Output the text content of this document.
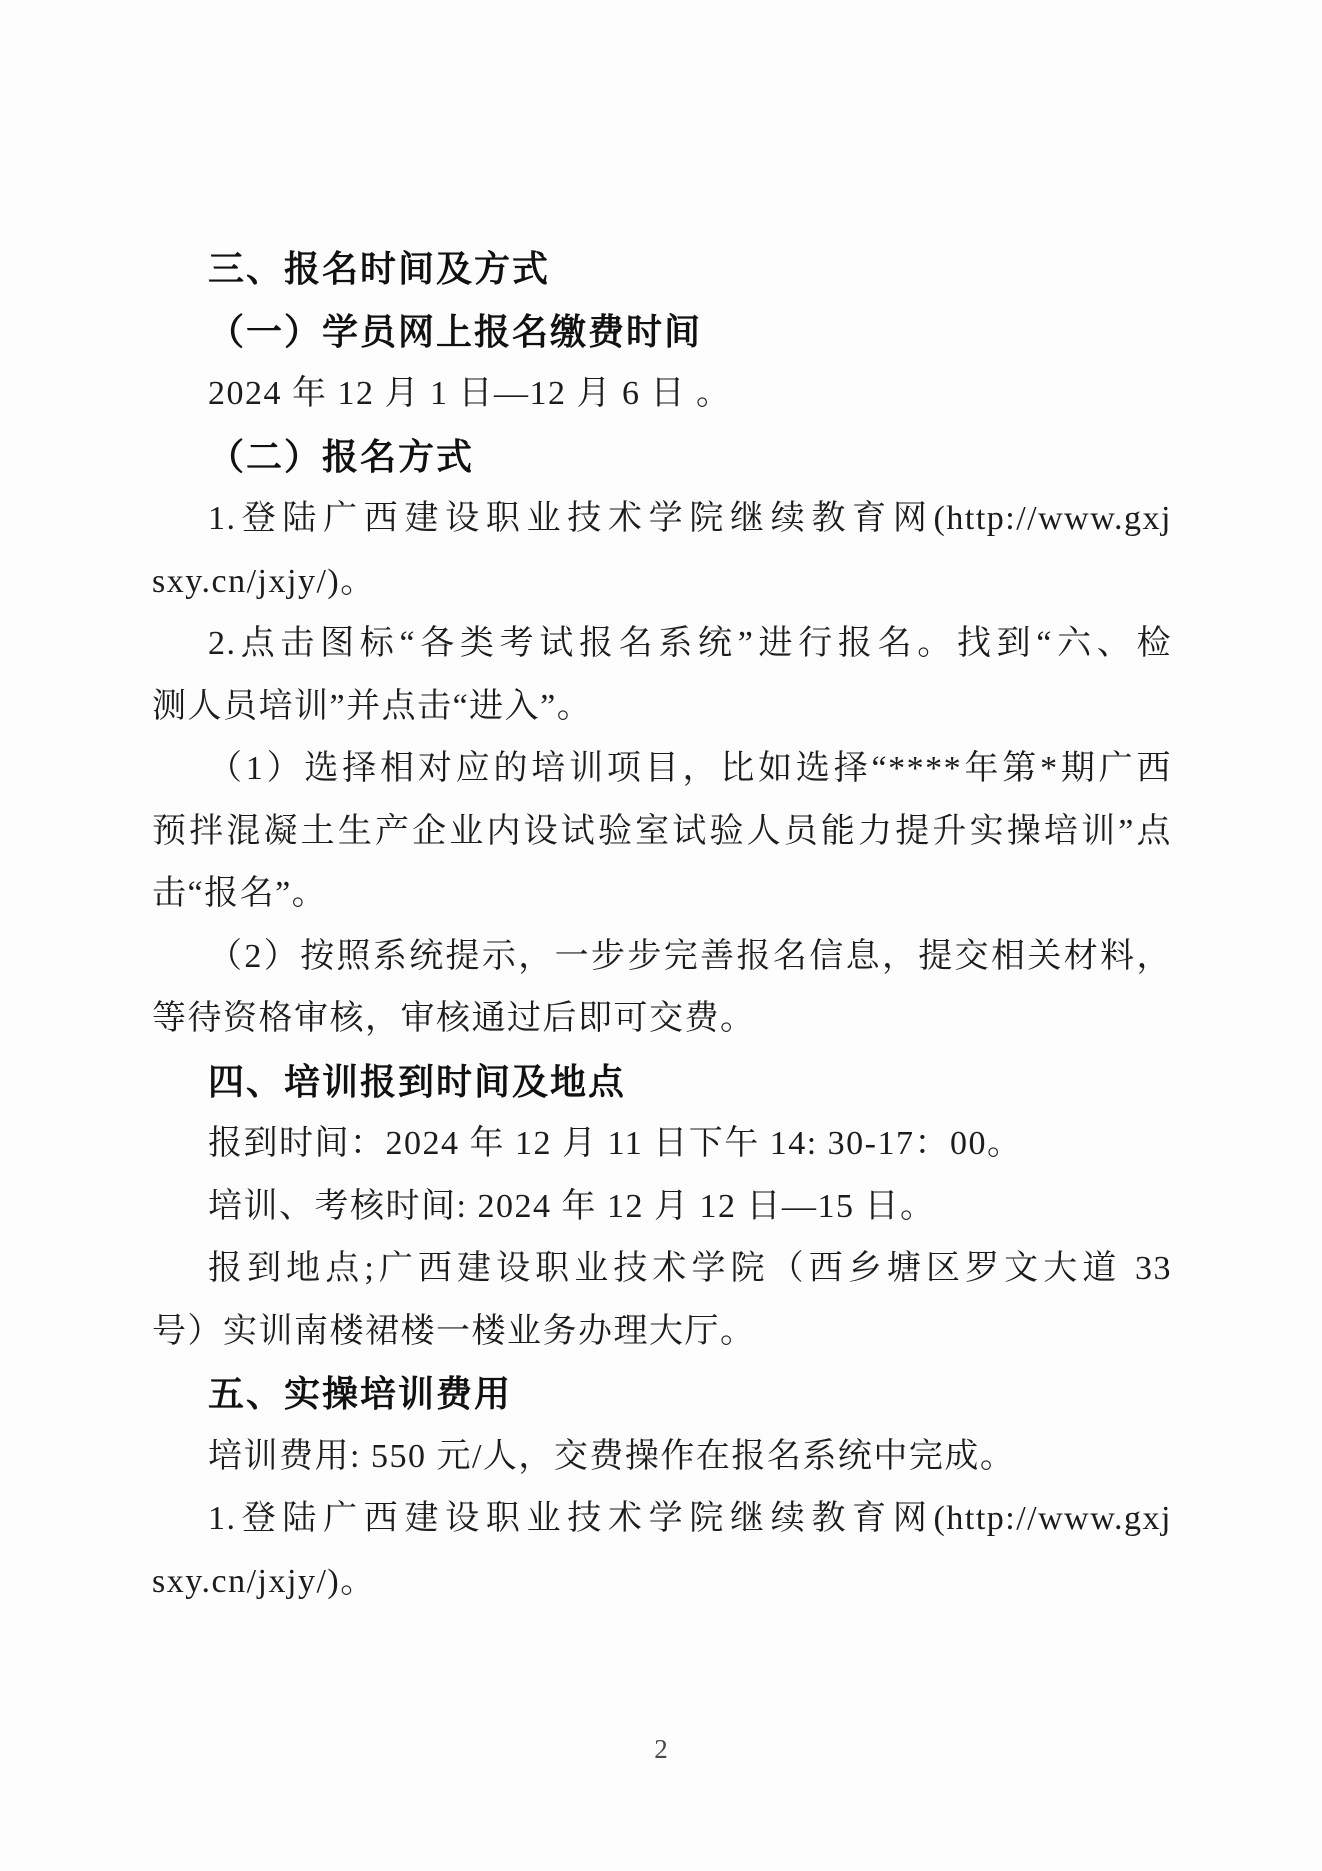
三、报名时间及方式
（一）学员网上报名缴费时间
2024 年 12 月 1 日—12 月 6 日 。
（二）报名方式
1.登陆广西建设职业技术学院继续教育网(http://www.gxj
sxy.cn/jxjy/)。
2.点击图标“各类考试报名系统”进行报名。找到“六、检
测人员培训”并点击“进入”。
（1）选择相对应的培训项目，比如选择“****年第*期广西
预拌混凝土生产企业内设试验室试验人员能力提升实操培训”点
击“报名”。
（2）按照系统提示，一步步完善报名信息，提交相关材料，
等待资格审核，审核通过后即可交费。
四、培训报到时间及地点
报到时间：2024 年 12 月 11 日下午 14: 30-17：00。
培训、考核时间: 2024 年 12 月 12 日—15 日。
报到地点;广西建设职业技术学院（西乡塘区罗文大道 33
号）实训南楼裙楼一楼业务办理大厅。
五、实操培训费用
培训费用: 550 元/人，交费操作在报名系统中完成。
1.登陆广西建设职业技术学院继续教育网(http://www.gxj
sxy.cn/jxjy/)。
2
